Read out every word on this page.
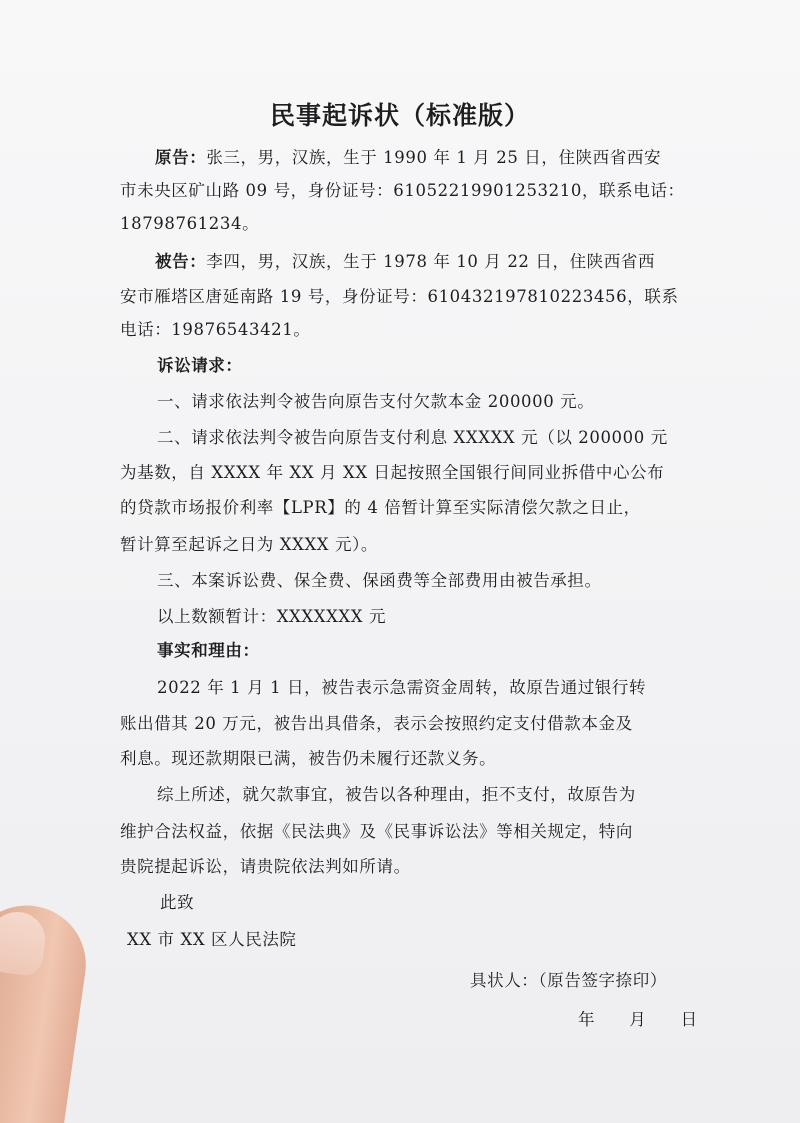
民事起诉状（标准版）
原告：张三，男，汉族，生于 1990 年 1 月 25 日，住陕西省西安
市未央区矿山路 09 号，身份证号：61052219901253210，联系电话：
18798761234。
被告：李四，男，汉族，生于 1978 年 10 月 22 日，住陕西省西
安市雁塔区唐延南路 19 号，身份证号：610432197810223456，联系
电话：19876543421。
诉讼请求：
一、请求依法判令被告向原告支付欠款本金 200000 元。
二、请求依法判令被告向原告支付利息 XXXXX 元（以 200000 元
为基数，自 XXXX 年 XX 月 XX 日起按照全国银行间同业拆借中心公布
的贷款市场报价利率【LPR】的 4 倍暂计算至实际清偿欠款之日止，
暂计算至起诉之日为 XXXX 元）。
三、本案诉讼费、保全费、保函费等全部费用由被告承担。
以上数额暂计：XXXXXXX 元
事实和理由：
2022 年 1 月 1 日，被告表示急需资金周转，故原告通过银行转
账出借其 20 万元，被告出具借条，表示会按照约定支付借款本金及
利息。现还款期限已满，被告仍未履行还款义务。
综上所述，就欠款事宜，被告以各种理由，拒不支付，故原告为
维护合法权益，依据《民法典》及《民事诉讼法》等相关规定，特向
贵院提起诉讼，请贵院依法判如所请。
此致
XX 市 XX 区人民法院
具状人：（原告签字捺印）
年　　月　　日
